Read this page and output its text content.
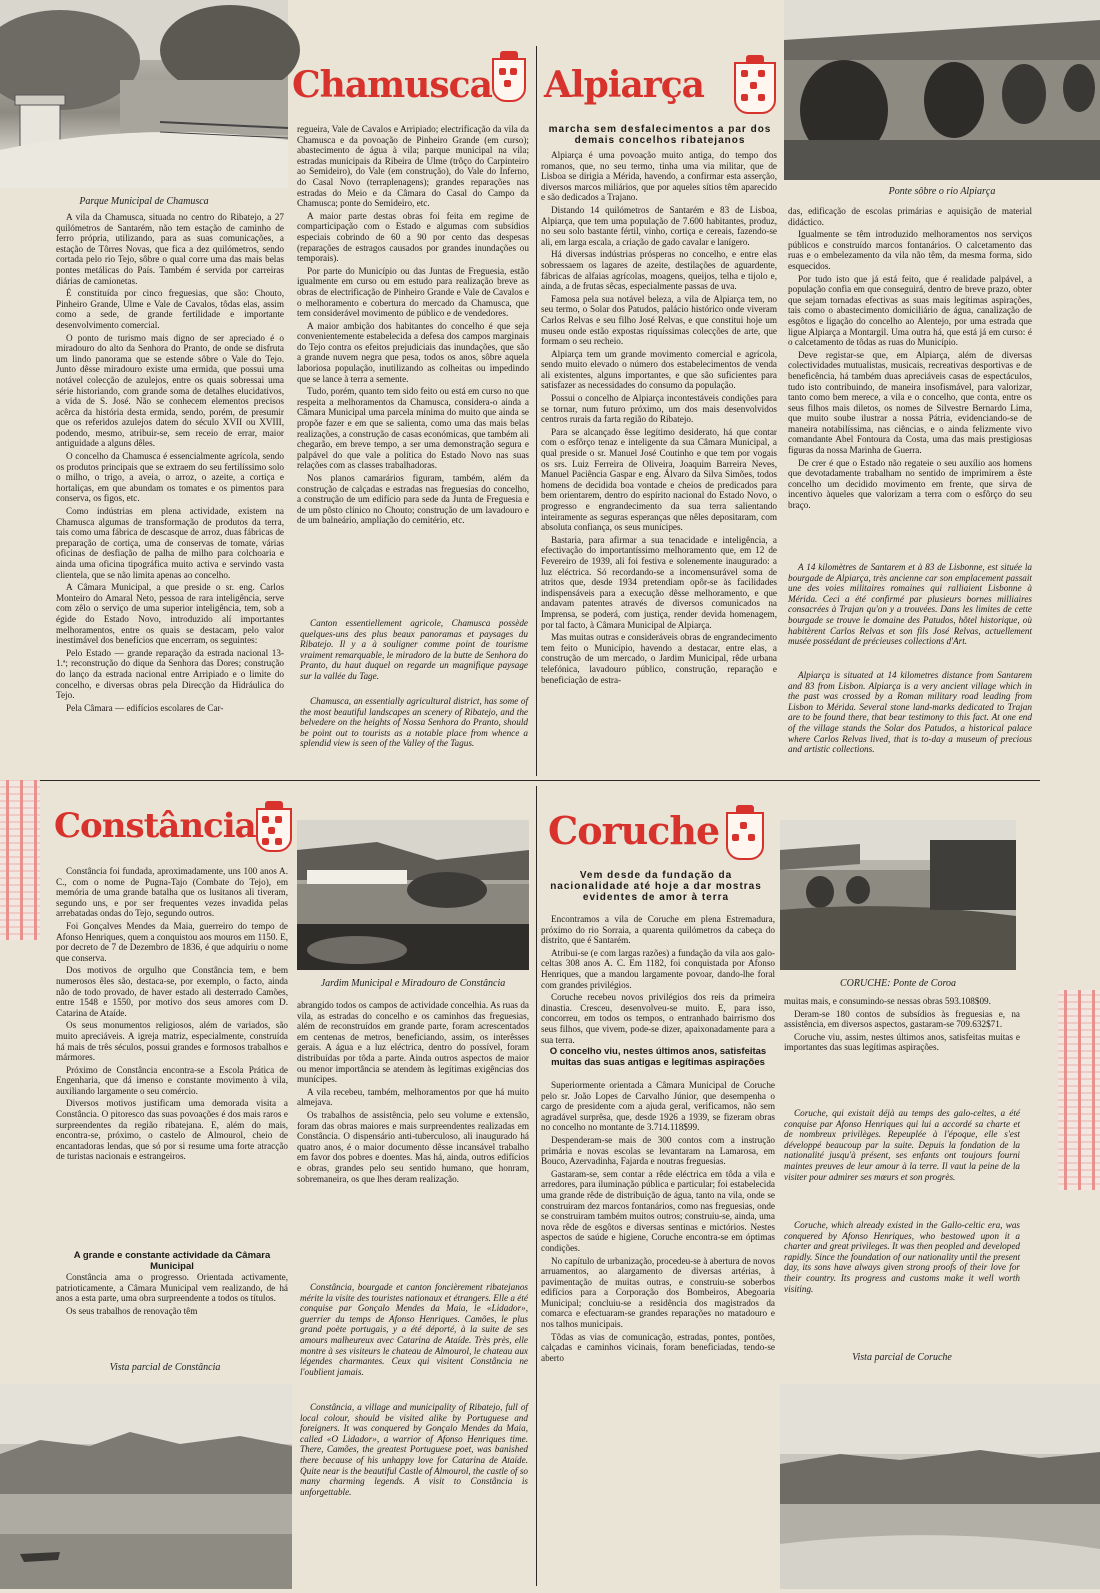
Parque Municipal de Chamusca
Chamusca Alpiarça
marcha sem desfalecimentos a par dos demais concelhos ribatejanos
Ponte sôbre o rio Alpiarça

A vila da Chamusca, situada no centro do Ribatejo, a 27 quilómetros de Santarém, não tem estação de caminho de ferro própria, utilizando, para as suas comunicações, a estação de Tôrres Novas, que fica a dez quilómetros, sendo cortada pelo rio Tejo, sôbre o qual corre uma das mais belas pontes metálicas do País. Também é servida por carreiras diárias de camionetas.

É constituída por cinco freguesias, que são: Chouto, Pinheiro Grande, Ulme e Vale de Cavalos, tôdas elas, assim como a sede, de grande fertilidade e importante desenvolvimento comercial.

O ponto de turismo mais digno de ser apreciado é o miradouro do alto da Senhora do Pranto, de onde se disfruta um lindo panorama que se estende sôbre o Vale do Tejo. Junto dêsse miradouro existe uma ermida, que possui uma notável colecção de azulejos, entre os quais sobressai uma série historiando, com grande soma de detalhes elucidativos, a vida de S. José. Não se conhecem elementos precisos acêrca da história desta ermida, sendo, porém, de presumir que os referidos azulejos datem do século XVII ou XVIII, podendo, mesmo, atribuir-se, sem receio de errar, maior antiguidade a alguns dêles.

O concelho da Chamusca é essencialmente agrícola, sendo os produtos principais que se extraem do seu fertilíssimo solo o milho, o trigo, a aveia, o arroz, o azeite, a cortiça e hortaliças, em que abundam os tomates e os pimentos para conserva, os figos, etc.

Como indústrias em plena actividade, existem na Chamusca algumas de transformação de produtos da terra, tais como uma fábrica de descasque de arroz, duas fábricas de preparação de cortiça, uma de conservas de tomate, várias oficinas de desfiação de palha de milho para colchoaria e ainda uma oficina tipográfica muito activa e servindo vasta clientela, que se não limita apenas ao concelho.

A Câmara Municipal, a que preside o sr. eng. Carlos Monteiro do Amaral Neto, pessoa de rara inteligência, serve com zêlo o serviço de uma superior inteligência, tem, sob a égide do Estado Novo, introduzido alí importantes melhoramentos, entre os quais se destacam, pelo valor inestimável dos benefícios que encerram, os seguintes:

Pelo Estado — grande reparação da estrada nacional 13-1.ª; reconstrução do dique da Senhora das Dores; construção do lanço da estrada nacional entre Arripiado e o limite do concelho, e diversas obras pela Direcção da Hidráulica do Tejo.

Pela Câmara — edifícios escolares de Car-

regueira, Vale de Cavalos e Arripiado; electrificação da vila da Chamusca e da povoação de Pinheiro Grande (em curso); abastecimento de água à vila; parque municipal na vila; estradas municipais da Ribeira de Ulme (trôço do Carpinteiro ao Semideiro), do Vale (em construção), do Vale do Inferno, do Casal Novo (terraplenagens); grandes reparações nas estradas do Meio e da Câmara do Casal do Campo da Chamusca; ponte do Semideiro, etc.

A maior parte destas obras foi feita em regime de comparticipação com o Estado e algumas com subsídios especiais cobrindo de 60 a 90 por cento das despesas (reparações de estragos causados por grandes inundações ou temporais).

Por parte do Município ou das Juntas de Freguesia, estão igualmente em curso ou em estudo para realização breve as obras de electrificação de Pinheiro Grande e Vale de Cavalos e o melhoramento e cobertura do mercado da Chamusca, que tem considerável movimento de público e de vendedores.

A maior ambição dos habitantes do concelho é que seja convenientemente estabelecida a defesa dos campos marginais do Tejo contra os efeitos prejudiciais das inundações, que são a grande nuvem negra que pesa, todos os anos, sôbre aquela laboriosa população, inutilizando as colheitas ou impedindo que se lance à terra a semente.

Tudo, porém, quanto tem sido feito ou está em curso no que respeita a melhoramentos da Chamusca, considera-o ainda a Câmara Municipal uma parcela mínima do muito que ainda se propõe fazer e em que se salienta, como uma das mais belas realizações, a construção de casas económicas, que também ali chegarão, em breve tempo, a ser uma demonstração segura e palpável do que vale a política do Estado Novo nas suas relações com as classes trabalhadoras.

Nos planos camarários figuram, também, além da construção de calçadas e estradas nas freguesias do concelho, a construção de um edifício para sede da Junta de Freguesia e de um pôsto clínico no Chouto; construção de um lavadouro e de um balneário, ampliação do cemitério, etc.

Canton essentiellement agricole, Chamusca possède quelques-uns des plus beaux panoramas et paysages du Ribatejo. Il y a à souligner comme point de tourisme vraiment remarquable, le miradoro de la butte de Senhora do Pranto, du haut duquel on regarde un magnifique paysage sur la vallée du Tage.
Chamusca, an essentially agricultural district, has some of the most beautiful landscapes an scenery of Ribatejo, and the belvedere on the heights of Nossa Senhora do Pranto, should be point out to tourists as a notable place from whence a splendid view is seen of the Valley of the Tagus.

Alpiarça é uma povoação muito antiga, do tempo dos romanos, que, no seu termo, tinha uma via militar, que de Lisboa se dirigia a Mérida, havendo, a confirmar esta asserção, diversos marcos miliários, que por aqueles sítios têm aparecido e são dedicados a Trajano.

Distando 14 quilómetros de Santarém e 83 de Lisboa, Alpiarça, que tem uma população de 7.600 habitantes, produz, no seu solo bastante fértil, vinho, cortiça e cereais, fazendo-se ali, em larga escala, a criação de gado cavalar e lanígero.

Há diversas indústrias prósperas no concelho, e entre elas sobressaem os lagares de azeite, destilações de aguardente, fábricas de alfaias agrícolas, moagens, queijos, telha e tijolo e, ainda, a de frutas sêcas, especialmente passas de uva.

Famosa pela sua notável beleza, a vila de Alpiarça tem, no seu termo, o Solar dos Patudos, palácio histórico onde viveram Carlos Relvas e seu filho José Relvas, e que constitui hoje um museu onde estão expostas riquíssimas colecções de arte, que formam o seu recheio.

Alpiarça tem um grande movimento comercial e agrícola, sendo muito elevado o número dos estabelecimentos de venda ali existentes, alguns importantes, e que são suficientes para satisfazer as necessidades do consumo da população.

Possui o concelho de Alpiarça incontestáveis condições para se tornar, num futuro próximo, um dos mais desenvolvidos centros rurais da farta região do Ribatejo.

Para se alcançado êsse legítimo desiderato, há que contar com o esfôrço tenaz e inteligente da sua Câmara Municipal, a qual preside o sr. Manuel José Coutinho e que tem por vogais os srs. Luiz Ferreira de Oliveira, Joaquim Barreira Neves, Manuel Paciência Gaspar e eng. Álvaro da Silva Simões, todos homens de decidida boa vontade e cheios de predicados para bem orientarem, dentro do espírito nacional do Estado Novo, o progresso e engrandecimento da sua terra salientando inteiramente as seguras esperanças que nêles depositaram, com absoluta confiança, os seus munícipes.

Bastaria, para afirmar a sua tenacidade e inteligência, a efectivação do importantíssimo melhoramento que, em 12 de Fevereiro de 1939, ali foi festiva e solenemente inaugurado: a luz eléctrica. Só recordando-se a incomensurável soma de atritos que, desde 1934 pretendiam opôr-se às facilidades indispensáveis para a execução dêsse melhoramento, e que andavam patentes através de diversos comunicados na Imprensa, se poderá, com justiça, render devida homenagem, por tal facto, à Câmara Municipal de Alpiarça.

Mas muitas outras e consideráveis obras de engrandecimento tem feito o Município, havendo a destacar, entre elas, a construção de um mercado, o Jardim Municipal, rêde urbana telefónica, lavadouro público, construção, reparação e beneficiação de estra-

das, edificação de escolas primárias e aquisição de material didáctico.

Igualmente se têm introduzido melhoramentos nos serviços públicos e construído marcos fontanários. O calcetamento das ruas e o embelezamento da vila não têm, da mesma forma, sido esquecidos.

Por tudo isto que já está feito, que é realidade palpável, a população confia em que conseguirá, dentro de breve prazo, obter que sejam tornadas efectivas as suas mais legítimas aspirações, tais como o abastecimento domiciliário de água, canalização de esgôtos e ligação do concelho ao Alentejo, por uma estrada que ligue Alpiarça a Montargil. Uma outra há, que está já em curso: é o calcetamento de tôdas as ruas do Município.

Deve registar-se que, em Alpiarça, além de diversas colectividades mutualistas, musicais, recreativas desportivas e de beneficência, há também duas apreciáveis casas de espectáculos, tudo isto contribuindo, de maneira insofismável, para valorizar, tanto como bem merece, a vila e o concelho, que conta, entre os seus filhos mais diletos, os nomes de Silvestre Bernardo Lima, que muito soube ilustrar a nossa Pátria, evidenciando-se de maneira notabilíssima, nas ciências, e o ainda felizmente vivo comandante Abel Fontoura da Costa, uma das mais prestigiosas figuras da nossa Marinha de Guerra.

De crer é que o Estado não regateie o seu auxílio aos homens que devotadamente trabalham no sentido de imprimirem a êste concelho um decidido movimento em frente, que sirva de incentivo àqueles que valorizam a terra com o esfôrço do seu braço.

A 14 kilomètres de Santarem et à 83 de Lisbonne, est située la bourgade de Alpiarça, très ancienne car son emplacement passait une des voies militaires romaines qui ralliaient Lisbonne à Mérida. Ceci a été confirmé par plusieurs bornes milliaires consacrées à Trajan qu'on y a trouvées. Dans les limites de cette bourgade se trouve le domaine des Patudos, hôtel historique, où habitèrent Carlos Relvas et son fils José Relvas, actuellement musée possédant de précieuses collections d'Art.
Alpiarça is situated at 14 kilometres distance from Santarem and 83 from Lisbon. Alpiarça is a very ancient village which in the past was crossed by a Roman military road leading from Lisbon to Mérida. Several stone land-marks dedicated to Trajan are to be found there, that bear testimony to this fact. At one end of the village stands the Solar dos Patudos, a historical palace where Carlos Relvas lived, that is to-day a museum of precious and artistic collections.
Constância
Jardim Municipal e Miradouro de Constância

Constância foi fundada, aproximadamente, uns 100 anos A. C., com o nome de Pugna-Tajo (Combate do Tejo), em memória de uma grande batalha que os lusitanos ali tiveram, segundo uns, e por ser frequentes vezes invadida pelas arrebatadas ondas do Tejo, segundo outros.

Foi Gonçalves Mendes da Maia, guerreiro do tempo de Afonso Henriques, quem a conquistou aos mouros em 1150. E, por decreto de 7 de Dezembro de 1836, é que adquiriu o nome que conserva.

Dos motivos de orgulho que Constância tem, e bem numerosos êles são, destaca-se, por exemplo, o facto, ainda não de todo provado, de haver estado ali desterrado Camões, entre 1548 e 1550, por motivo dos seus amores com D. Catarina de Ataíde.

Os seus monumentos religiosos, além de variados, são muito apreciáveis. A igreja matriz, especialmente, construída há mais de três séculos, possui grandes e formosos trabalhos e mármores.

Próximo de Constância encontra-se a Escola Prática de Engenharia, que dá imenso e constante movimento à vila, auxiliando largamente o seu comércio.

Diversos motivos justificam uma demorada visita a Constância. O pitoresco das suas povoações é dos mais raros e surpreendentes da região ribatejana. E, além do mais, encontra-se, próximo, o castelo de Almourol, cheio de encantadoras lendas, que só por si resume uma forte atracção de turistas nacionais e estrangeiros.

A grande e constante actividade da Câmara Municipal

Constância ama o progresso. Orientada activamente, patrioticamente, a Câmara Municipal vem realizando, de há anos a esta parte, uma obra surpreendente a todos os títulos.

Os seus trabalhos de renovação têm

Vista parcial de Constância

abrangido todos os campos de actividade concelhia. As ruas da vila, as estradas do concelho e os caminhos das freguesias, além de reconstruídos em grande parte, foram acrescentados em centenas de metros, beneficiando, assim, os interêsses gerais. A água e a luz eléctrica, dentro do possível, foram distribuídas por tôda a parte. Ainda outros aspectos de maior ou menor importância se atendem às legítimas exigências dos munícipes.

A vila recebeu, também, melhoramentos por que há muito almejava.

Os trabalhos de assistência, pelo seu volume e extensão, foram das obras maiores e mais surpreendentes realizadas em Constância. O dispensário anti-tuberculoso, ali inaugurado há quatro anos, é o maior documento dêsse incansável trabalho em favor dos pobres e doentes. Mas há, ainda, outros edifícios e obras, grandes pelo seu sentido humano, que honram, sobremaneira, os que lhes deram realização.

Constância, bourgade et canton foncièrement ribatejanos mérite la visite des touristes nationaux et étrangers. Elle a été conquise par Gonçalo Mendes da Maia, le «Lidador», guerrier du temps de Afonso Henriques. Camões, le plus grand poète portugais, y a été déporté, à la suite de ses amours malheureux avec Catarina de Ataíde. Très près, elle montre à ses visiteurs le chateau de Almourol, le chateau aux légendes charmantes. Ceux qui visitent Constância ne l'oublient jamais.
Constância, a village and municipality of Ribatejo, full of local colour, should be visited alike by Portuguese and foreigners. It was conquered by Gonçalo Mendes da Maia, called «O Lidador», a warrior of Afonso Henriques time. There, Camões, the greatest Portuguese poet, was banished there because of his unhappy love for Catarina de Ataíde. Quite near is the beautiful Castle of Almourol, the castle of so many charming legends. A visit to Constância is unforgettable.
Coruche
Vem desde da fundação da nacionalidade até hoje a dar mostras evidentes de amor à terra
CORUCHE: Ponte de Coroa

Encontramos a vila de Coruche em plena Estremadura, próximo do rio Sorraia, a quarenta quilómetros da cabeça do distrito, que é Santarém.

Atribui-se (e com largas razões) a fundação da vila aos galo-celtas 308 anos A. C. Em 1182, foi conquistada por Afonso Henriques, que a mandou largamente povoar, dando-lhe foral com grandes privilégios.

Coruche recebeu novos privilégios dos reis da primeira dinastia. Cresceu, desenvolveu-se muito. E, para isso, concorreu, em todos os tempos, o entranhado bairrismo dos seus filhos, que vivem, pode-se dizer, apaixonadamente para a sua terra.

O concelho viu, nestes últimos anos, satisfeitas muitas das suas antigas e legítimas aspirações

Superiormente orientada a Câmara Municipal de Coruche pelo sr. João Lopes de Carvalho Júnior, que desempenha o cargo de presidente com a ajuda geral, verificamos, não sem agradável surprêsa, que, desde 1926 a 1939, se fizeram obras no concelho no montante de 3.714.118$99.

Despenderam-se mais de 300 contos com a instrução primária e novas escolas se levantaram na Lamarosa, em Bouco, Azervadinha, Fajarda e noutras freguesias.

Gastaram-se, sem contar a rêde eléctrica em tôda a vila e arredores, para iluminação pública e particular; foi estabelecida uma grande rêde de distribuição de água, tanto na vila, onde se construiram dez marcos fontanários, como nas freguesias, onde se construiram também muitos outros; construiu-se, ainda, uma nova rêde de esgôtos e diversas sentinas e mictórios. Nestes aspectos de saúde e higiene, Coruche encontra-se em óptimas condições.

No capítulo de urbanização, procedeu-se à abertura de novos arruamentos, ao alargamento de diversas artérias, à pavimentação de muitas outras, e construiu-se soberbos edifícios para a Corporação dos Bombeiros, Abegoaria Municipal; concluiu-se a residência dos magistrados da comarca e efectuaram-se grandes reparações no matadouro e nos talhos municipais.

Tôdas as vias de comunicação, estradas, pontes, pontões, calçadas e caminhos vicinais, foram beneficiadas, tendo-se aberto

muitas mais, e consumindo-se nessas obras 593.108$09.

Deram-se 180 contos de subsídios às freguesias e, na assistência, em diversos aspectos, gastaram-se 709.632$71.

Coruche viu, assim, nestes últimos anos, satisfeitas muitas e importantes das suas legítimas aspirações.

Coruche, qui existait déjà au temps des galo-celtes, a été conquise par Afonso Henriques qui lui a accordé sa charte et de nombreux privilèges. Repeuplée à l'époque, elle s'est développé beaucoup par la suite. Depuis la fondation de la nationalité jusqu'à présent, ses enfants ont toujours fourni maintes preuves de leur amour à la terre. Il vaut la peine de la visiter pour admirer ses mœurs et son progrès.
Coruche, which already existed in the Gallo-celtic era, was conquered by Afonso Henriques, who bestowed upon it a charter and great privileges. It was then peopled and developed rapidly. Since the foundation of our nationality until the present day, its sons have always given strong proofs of their love for their country. Its progress and customs make it well worth visiting.
Vista parcial de Coruche
